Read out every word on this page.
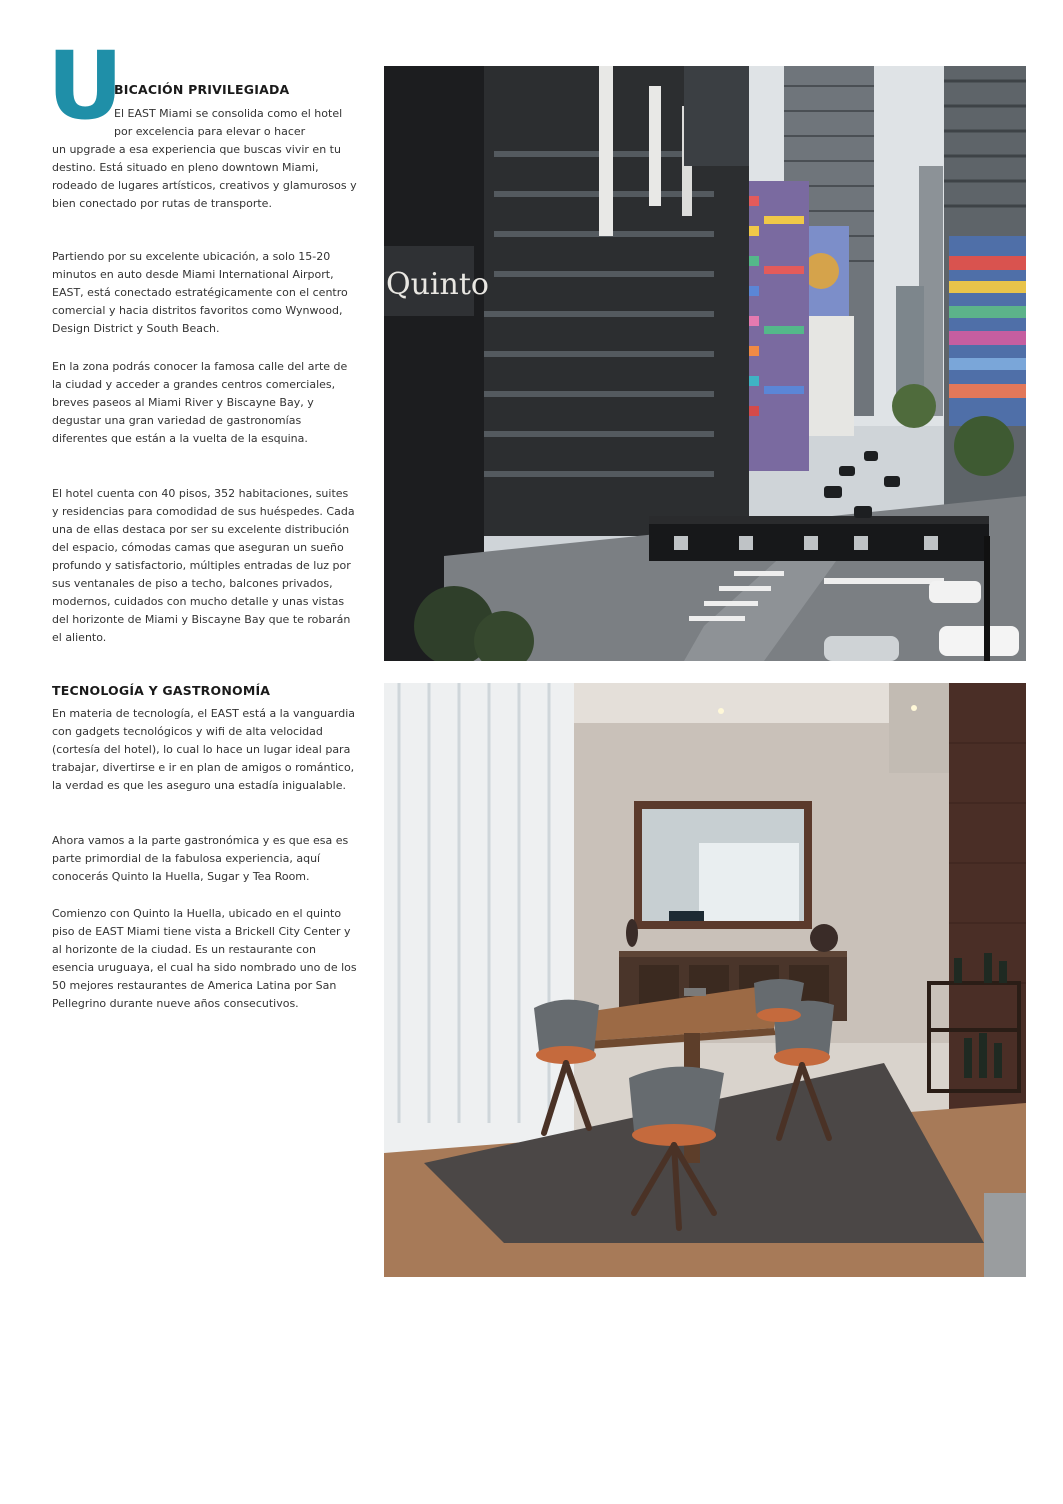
U
BICACIÓN PRIVILEGIADA
El EAST Miami se consolida como el hotel por excelencia para elevar o hacer
un upgrade a esa experiencia que buscas vivir en tu destino. Está situado en pleno downtown Miami, rodeado de lugares artísticos, creativos y glamurosos y bien conectado por rutas de transporte.

Partiendo por su excelente ubicación, a solo 15-20 minutos en auto desde Miami International Airport, EAST, está conectado estratégicamente con el centro comercial y hacia distritos favoritos como Wynwood, Design District y South Beach.

En la zona podrás conocer la famosa calle del arte de la ciudad y acceder a grandes centros comerciales, breves paseos al Miami River y Biscayne Bay, y degustar una gran variedad de gastronomías diferentes que están a la vuelta de la esquina.

El hotel cuenta con 40 pisos, 352 habitaciones, suites y residencias para comodidad de sus huéspedes. Cada una de ellas destaca por ser su excelente distribución del espacio, cómodas camas que aseguran un sueño profundo y satisfactorio, múltiples entradas de luz por sus ventanales de piso a techo, balcones privados, modernos, cuidados con mucho detalle y unas vistas del horizonte de Miami y Biscayne Bay que te robarán el aliento.

TECNOLOGÍA Y GASTRONOMÍA

En materia de tecnología, el EAST está a la vanguardia con gadgets tecnológicos y wifi de alta velocidad (cortesía del hotel), lo cual lo hace un lugar ideal para trabajar, divertirse e ir en plan de amigos o romántico, la verdad es que les aseguro una estadía inigualable.

Ahora vamos a la parte gastronómica y es que esa es parte primordial de la fabulosa experiencia, aquí conocerás Quinto la Huella, Sugar y Tea Room.

Comienzo con Quinto la Huella, ubicado en el quinto piso de EAST Miami tiene vista a Brickell City Center y al horizonte de la ciudad. Es un restaurante con esencia uruguaya, el cual ha sido nombrado uno de los 50 mejores restaurantes de America Latina por San Pellegrino durante nueve años consecutivos.

Quinto
